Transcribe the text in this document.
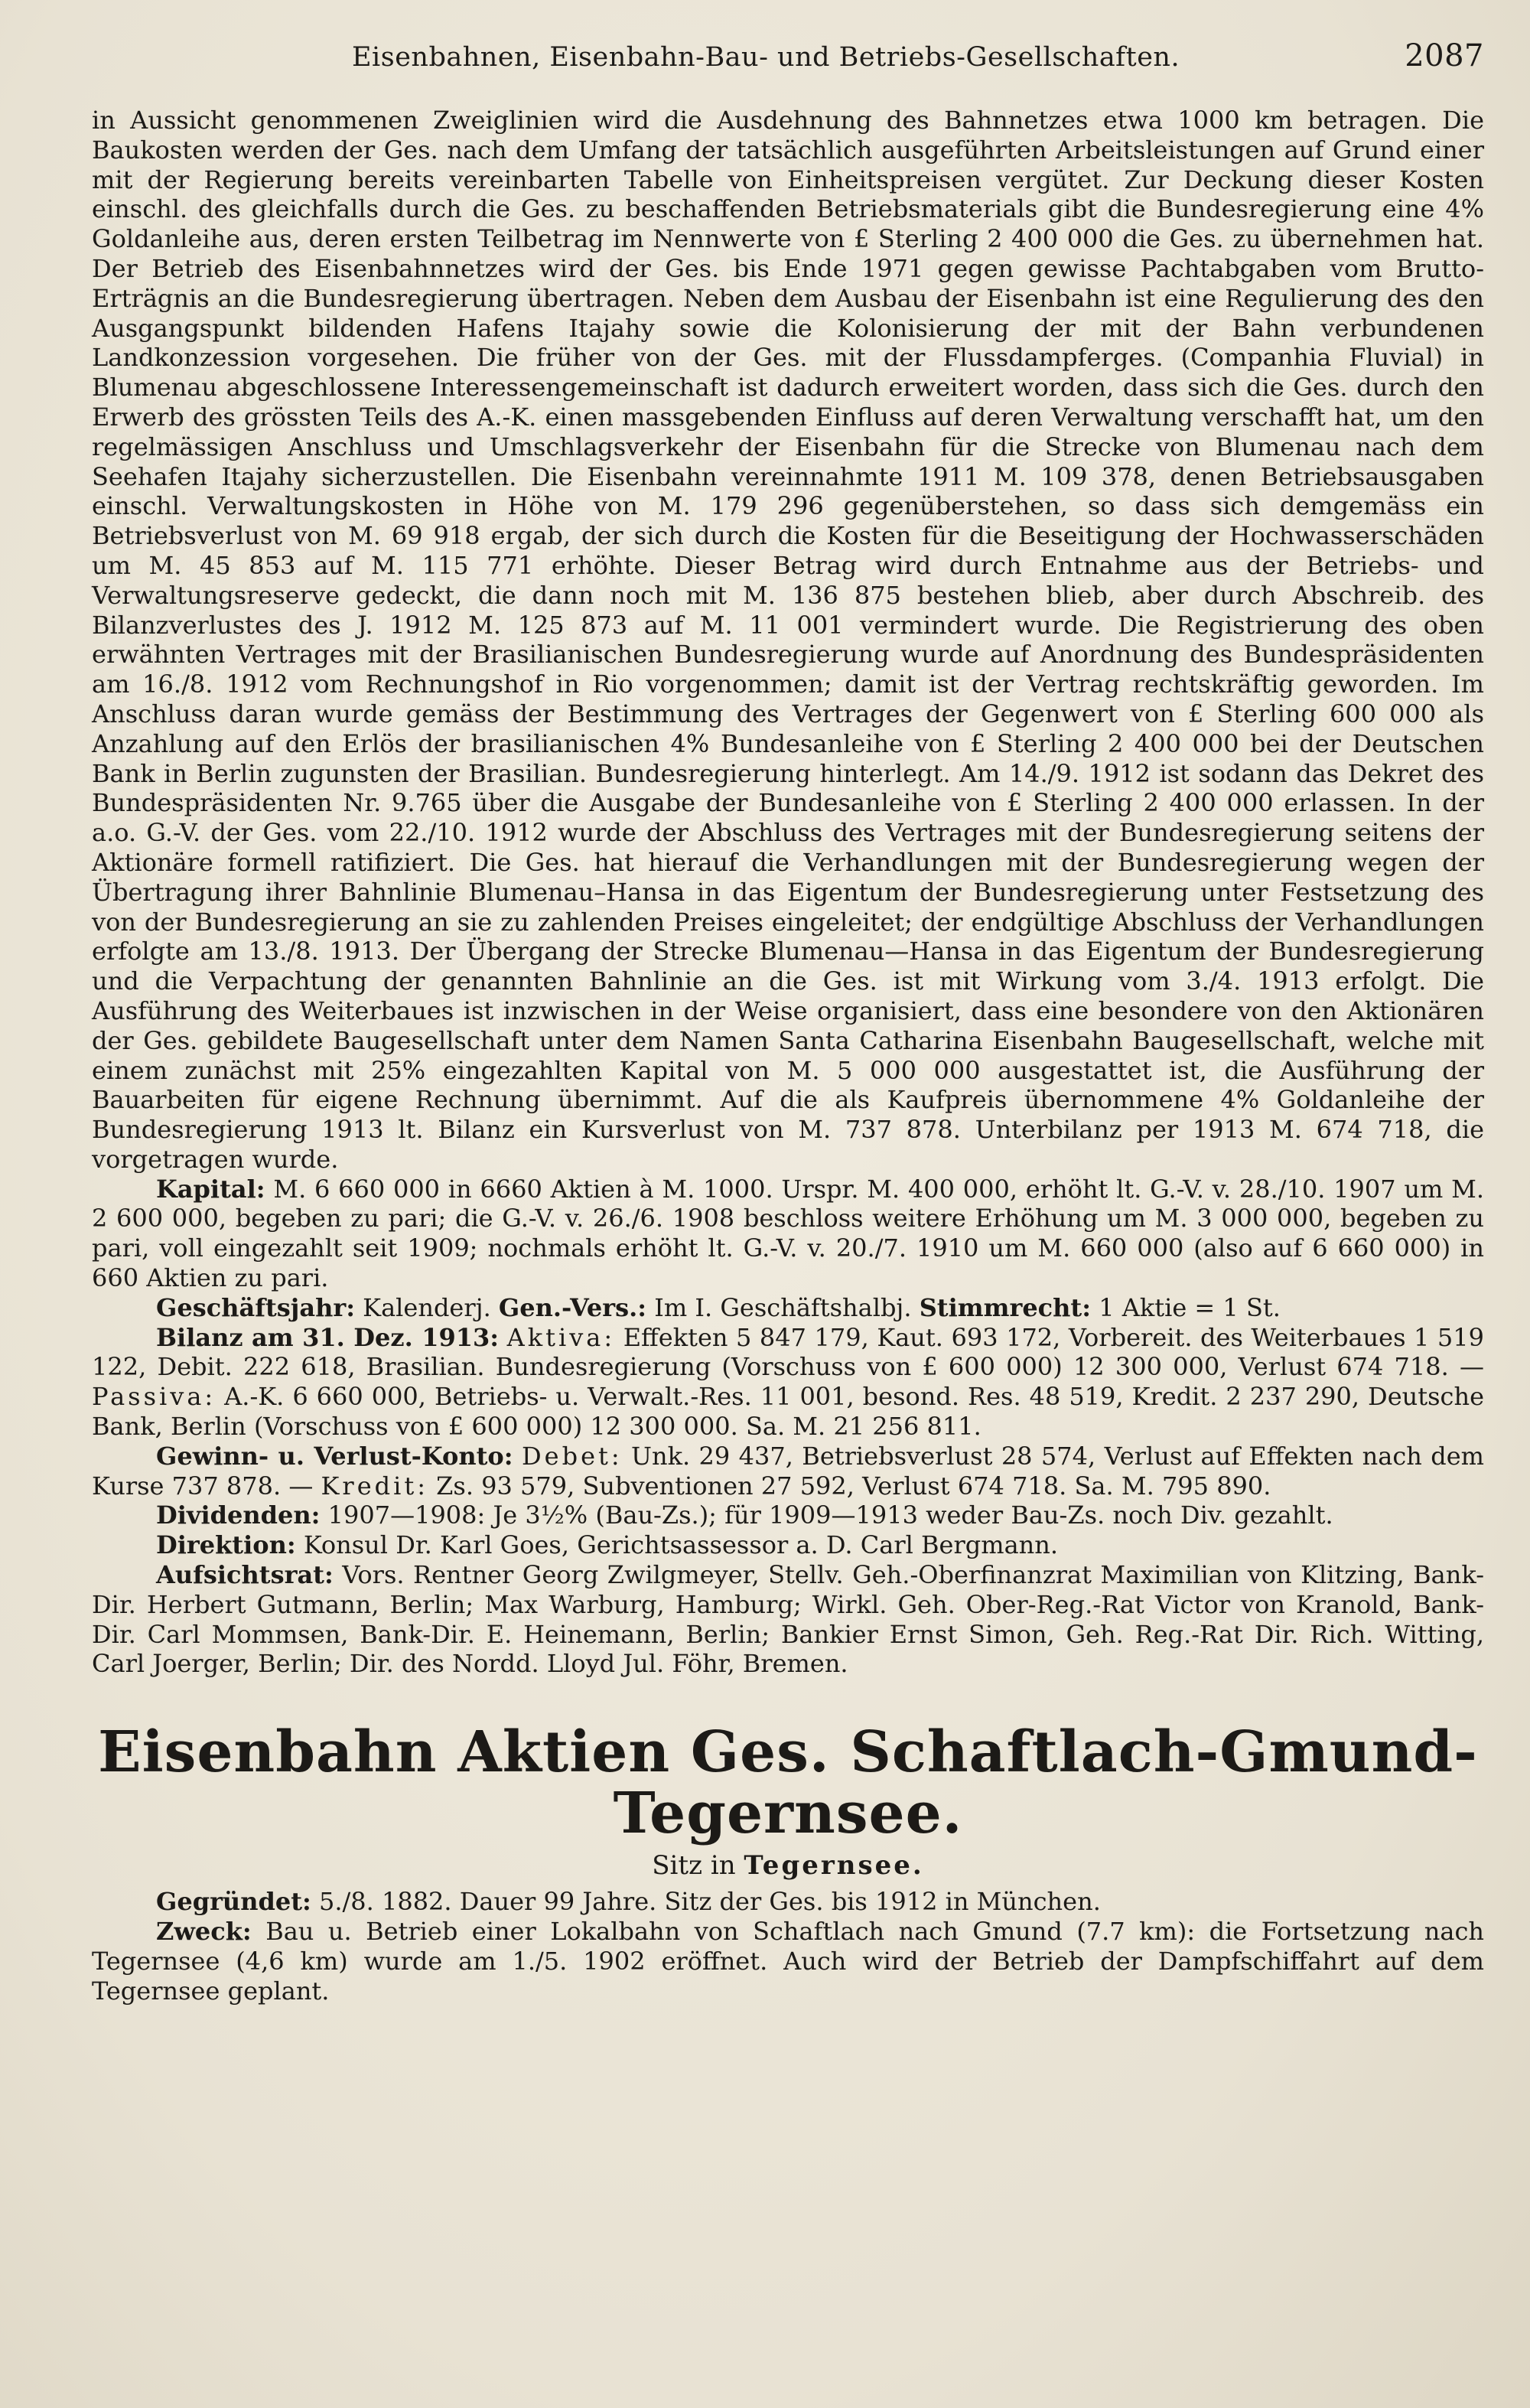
Eisenbahnen, Eisenbahn-Bau- und Betriebs-Gesellschaften.	2087

in Aussicht genommenen Zweiglinien wird die Ausdehnung des Bahnnetzes etwa 1000 km betragen. Die Baukosten werden der Ges. nach dem Umfang der tatsächlich ausgeführten Arbeitsleistungen auf Grund einer mit der Regierung bereits vereinbarten Tabelle von Einheitspreisen vergütet. Zur Deckung dieser Kosten einschl. des gleichfalls durch die Ges. zu beschaffenden Betriebsmaterials gibt die Bundesregierung eine 4% Goldanleihe aus, deren ersten Teilbetrag im Nennwerte von £ Sterling 2 400 000 die Ges. zu übernehmen hat. Der Betrieb des Eisenbahnnetzes wird der Ges. bis Ende 1971 gegen gewisse Pachtabgaben vom Brutto-Erträgnis an die Bundesregierung übertragen. Neben dem Ausbau der Eisenbahn ist eine Regulierung des den Ausgangspunkt bildenden Hafens Itajahy sowie die Kolonisierung der mit der Bahn verbundenen Landkonzession vorgesehen. Die früher von der Ges. mit der Flussdampferges. (Companhia Fluvial) in Blumenau abgeschlossene Interessengemeinschaft ist dadurch erweitert worden, dass sich die Ges. durch den Erwerb des grössten Teils des A.-K. einen massgebenden Einfluss auf deren Verwaltung verschafft hat, um den regelmässigen Anschluss und Umschlagsverkehr der Eisenbahn für die Strecke von Blumenau nach dem Seehafen Itajahy sicherzustellen. Die Eisenbahn vereinnahmte 1911 M. 109 378, denen Betriebsausgaben einschl. Verwaltungskosten in Höhe von M. 179 296 gegenüberstehen, so dass sich demgemäss ein Betriebsverlust von M. 69 918 ergab, der sich durch die Kosten für die Beseitigung der Hochwasserschäden um M. 45 853 auf M. 115 771 erhöhte. Dieser Betrag wird durch Entnahme aus der Betriebs- und Verwaltungsreserve gedeckt, die dann noch mit M. 136 875 bestehen blieb, aber durch Abschreib. des Bilanzverlustes des J. 1912 M. 125 873 auf M. 11 001 vermindert wurde. Die Registrierung des oben erwähnten Vertrages mit der Brasilianischen Bundesregierung wurde auf Anordnung des Bundespräsidenten am 16./8. 1912 vom Rechnungshof in Rio vorgenommen; damit ist der Vertrag rechtskräftig geworden. Im Anschluss daran wurde gemäss der Bestimmung des Vertrages der Gegenwert von £ Sterling 600 000 als Anzahlung auf den Erlös der brasilianischen 4% Bundesanleihe von £ Sterling 2 400 000 bei der Deutschen Bank in Berlin zugunsten der Brasilian. Bundesregierung hinterlegt. Am 14./9. 1912 ist sodann das Dekret des Bundespräsidenten Nr. 9.765 über die Ausgabe der Bundesanleihe von £ Sterling 2 400 000 erlassen. In der a.o. G.-V. der Ges. vom 22./10. 1912 wurde der Abschluss des Vertrages mit der Bundesregierung seitens der Aktionäre formell ratifiziert. Die Ges. hat hierauf die Verhandlungen mit der Bundesregierung wegen der Übertragung ihrer Bahnlinie Blumenau–Hansa in das Eigentum der Bundesregierung unter Festsetzung des von der Bundesregierung an sie zu zahlenden Preises eingeleitet; der endgültige Abschluss der Verhandlungen erfolgte am 13./8. 1913. Der Übergang der Strecke Blumenau—Hansa in das Eigentum der Bundesregierung und die Verpachtung der genannten Bahnlinie an die Ges. ist mit Wirkung vom 3./4. 1913 erfolgt. Die Ausführung des Weiterbaues ist inzwischen in der Weise organisiert, dass eine besondere von den Aktionären der Ges. gebildete Baugesellschaft unter dem Namen Santa Catharina Eisenbahn Baugesellschaft, welche mit einem zunächst mit 25% eingezahlten Kapital von M. 5 000 000 ausgestattet ist, die Ausführung der Bauarbeiten für eigene Rechnung übernimmt. Auf die als Kaufpreis übernommene 4% Goldanleihe der Bundesregierung 1913 lt. Bilanz ein Kursverlust von M. 737 878. Unterbilanz per 1913 M. 674 718, die vorgetragen wurde.

Kapital: M. 6 660 000 in 6660 Aktien à M. 1000. Urspr. M. 400 000, erhöht lt. G.-V. v. 28./10. 1907 um M. 2 600 000, begeben zu pari; die G.-V. v. 26./6. 1908 beschloss weitere Erhöhung um M. 3 000 000, begeben zu pari, voll eingezahlt seit 1909; nochmals erhöht lt. G.-V. v. 20./7. 1910 um M. 660 000 (also auf 6 660 000) in 660 Aktien zu pari.

Geschäftsjahr: Kalenderj. Gen.-Vers.: Im I. Geschäftshalbj. Stimmrecht: 1 Aktie = 1 St.

Bilanz am 31. Dez. 1913: Aktiva: Effekten 5 847 179, Kaut. 693 172, Vorbereit. des Weiterbaues 1 519 122, Debit. 222 618, Brasilian. Bundesregierung (Vorschuss von £ 600 000) 12 300 000, Verlust 674 718. — Passiva: A.-K. 6 660 000, Betriebs- u. Verwalt.-Res. 11 001, besond. Res. 48 519, Kredit. 2 237 290, Deutsche Bank, Berlin (Vorschuss von £ 600 000) 12 300 000. Sa. M. 21 256 811.

Gewinn- u. Verlust-Konto: Debet: Unk. 29 437, Betriebsverlust 28 574, Verlust auf Effekten nach dem Kurse 737 878. — Kredit: Zs. 93 579, Subventionen 27 592, Verlust 674 718. Sa. M. 795 890.

Dividenden: 1907—1908: Je 3½% (Bau-Zs.); für 1909—1913 weder Bau-Zs. noch Div. gezahlt.

Direktion: Konsul Dr. Karl Goes, Gerichtsassessor a. D. Carl Bergmann.

Aufsichtsrat: Vors. Rentner Georg Zwilgmeyer, Stellv. Geh.-Oberfinanzrat Maximilian von Klitzing, Bank-Dir. Herbert Gutmann, Berlin; Max Warburg, Hamburg; Wirkl. Geh. Ober-Reg.-Rat Victor von Kranold, Bank-Dir. Carl Mommsen, Bank-Dir. E. Heinemann, Berlin; Bankier Ernst Simon, Geh. Reg.-Rat Dir. Rich. Witting, Carl Joerger, Berlin; Dir. des Nordd. Lloyd Jul. Föhr, Bremen.

Eisenbahn Aktien Ges. Schaftlach-Gmund-Tegernsee.
Sitz in Tegernsee.

Gegründet: 5./8. 1882. Dauer 99 Jahre. Sitz der Ges. bis 1912 in München.

Zweck: Bau u. Betrieb einer Lokalbahn von Schaftlach nach Gmund (7.7 km): die Fortsetzung nach Tegernsee (4,6 km) wurde am 1./5. 1902 eröffnet. Auch wird der Betrieb der Dampfschiffahrt auf dem Tegernsee geplant.
